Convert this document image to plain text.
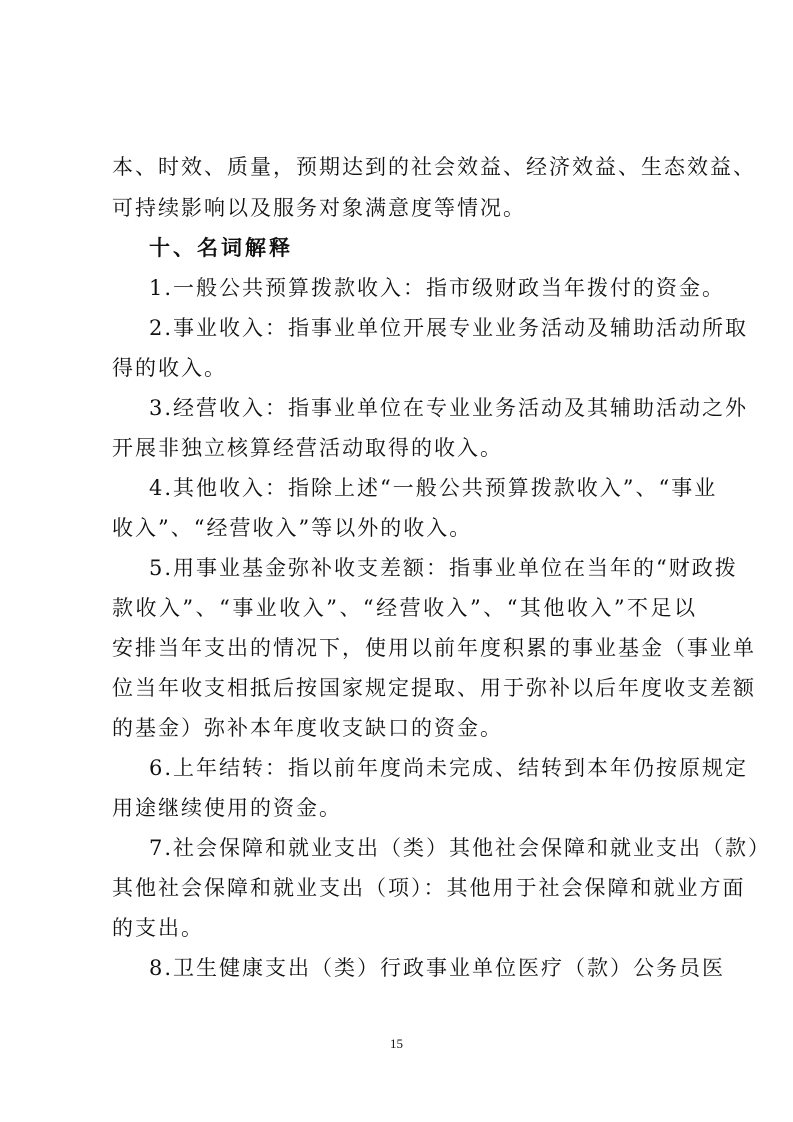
本、时效、质量，预期达到的社会效益、经济效益、生态效益、
可持续影响以及服务对象满意度等情况。
十、名词解释
1.一般公共预算拨款收入：指市级财政当年拨付的资金。
2.事业收入：指事业单位开展专业业务活动及辅助活动所取
得的收入。
3.经营收入：指事业单位在专业业务活动及其辅助活动之外
开展非独立核算经营活动取得的收入。
4.其他收入：指除上述“一般公共预算拨款收入”、“事业
收入”、“经营收入”等以外的收入。
5.用事业基金弥补收支差额：指事业单位在当年的“财政拨
款收入”、“事业收入”、“经营收入”、“其他收入”不足以
安排当年支出的情况下，使用以前年度积累的事业基金（事业单
位当年收支相抵后按国家规定提取、用于弥补以后年度收支差额
的基金）弥补本年度收支缺口的资金。
6.上年结转：指以前年度尚未完成、结转到本年仍按原规定
用途继续使用的资金。
7.社会保障和就业支出（类）其他社会保障和就业支出（款）
其他社会保障和就业支出（项）：其他用于社会保障和就业方面
的支出。
8.卫生健康支出（类）行政事业单位医疗（款）公务员医
15
